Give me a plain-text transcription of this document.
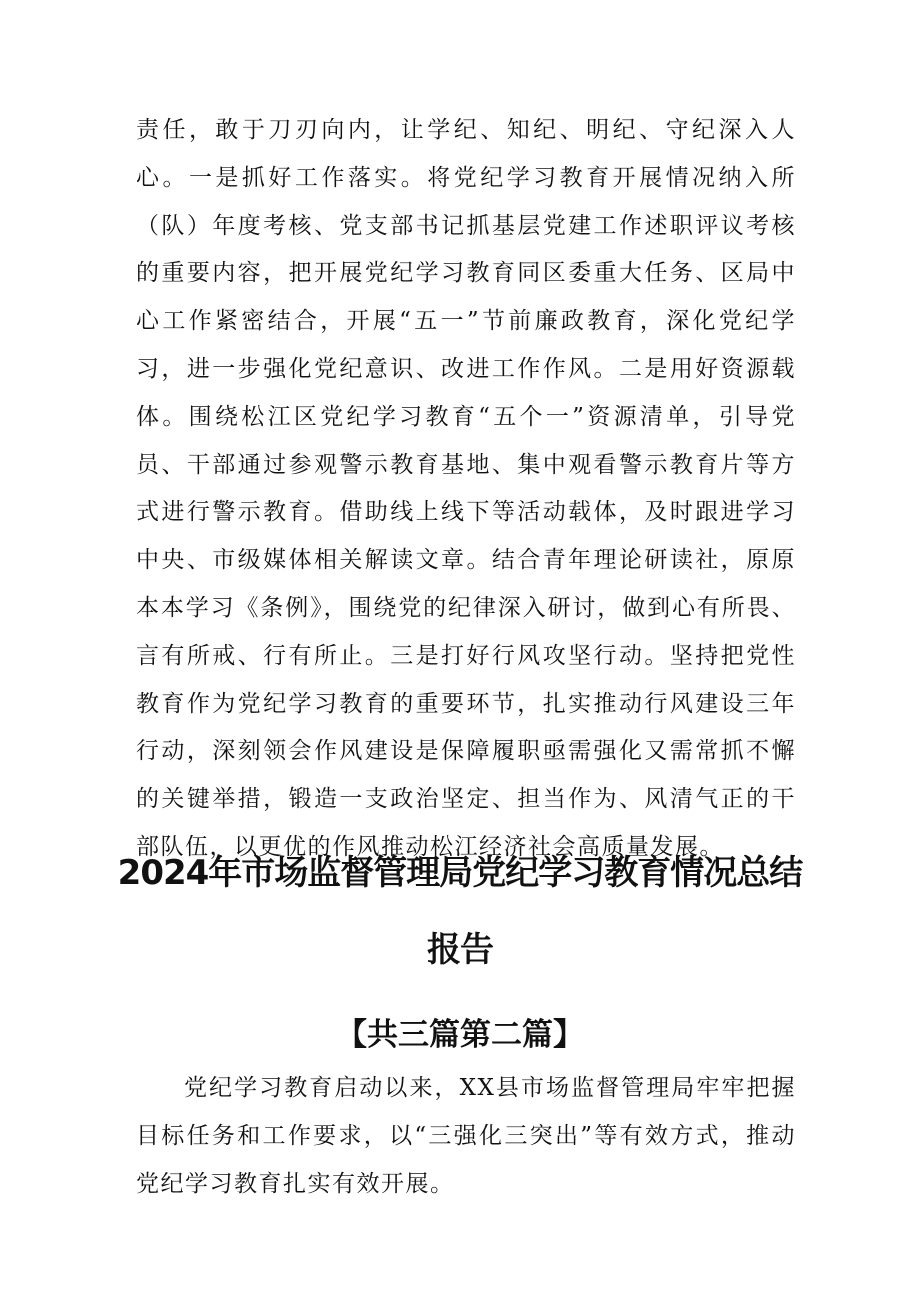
责任，敢于刀刃向内，让学纪、知纪、明纪、守纪深入人心。一是抓好工作落实。将党纪学习教育开展情况纳入所（队）年度考核、党支部书记抓基层党建工作述职评议考核的重要内容，把开展党纪学习教育同区委重大任务、区局中心工作紧密结合，开展“五一”节前廉政教育，深化党纪学习，进一步强化党纪意识、改进工作作风。二是用好资源载体。围绕松江区党纪学习教育“五个一”资源清单，引导党员、干部通过参观警示教育基地、集中观看警示教育片等方式进行警示教育。借助线上线下等活动载体，及时跟进学习中央、市级媒体相关解读文章。结合青年理论研读社，原原本本学习《条例》，围绕党的纪律深入研讨，做到心有所畏、言有所戒、行有所止。三是打好行风攻坚行动。坚持把党性教育作为党纪学习教育的重要环节，扎实推动行风建设三年行动，深刻领会作风建设是保障履职亟需强化又需常抓不懈的关键举措，锻造一支政治坚定、担当作为、风清气正的干部队伍，以更优的作风推动松江经济社会高质量发展。

2024年市场监督管理局党纪学习教育情况总结
报告
【共三篇第二篇】

党纪学习教育启动以来，XX县市场监督管理局牢牢把握目标任务和工作要求，以“三强化三突出”等有效方式，推动党纪学习教育扎实有效开展。
